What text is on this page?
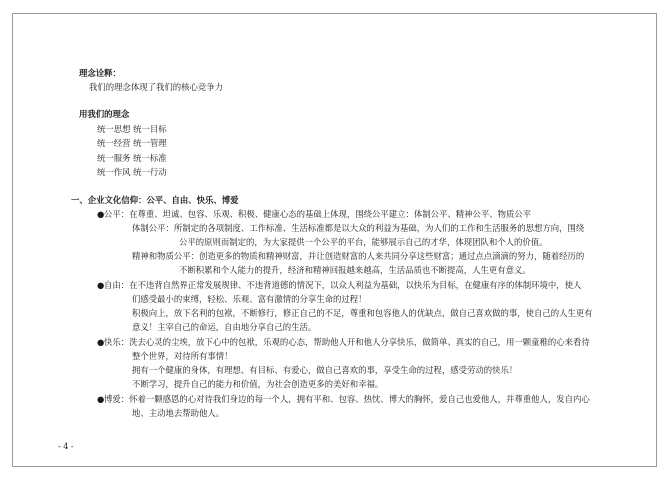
理念诠释：
我们的理念体现了我们的核心竞争力
用我们的理念
统一思想 统一目标
统一经营 统一管理
统一服务 统一标准
统一作风 统一行动
一、企业文化信仰：公平、自由、快乐、博爱
●公平：在尊重、坦诚、包容、乐观、积极、健康心态的基础上体现，围绕公平建立：体制公平、精神公平、物质公平
体制公平：所制定的各项制度、工作标准、生活标准都是以大众的利益为基础，为人们的工作和生活服务的思想方向，围绕
公平的原则而制定的，为大家提供一个公平的平台，能够展示自己的才华，体现团队和个人的价值。
精神和物质公平：创造更多的物质和精神财富，并让创造财富的人来共同分享这些财富；通过点点滴滴的努力，随着经历的
不断积累和个人能力的提升，经济和精神回报越来越高，生活品质也不断提高，人生更有意义。
●自由：在不违背自然界正常发展规律、不违背道德的情况下，以众人利益为基础，以快乐为目标，在健康有序的体制环境中，使人
们感受最小的束缚，轻松、乐观、富有激情的分享生命的过程！
积极向上，放下名利的包袱，不断修行，修正自己的不足，尊重和包容他人的优缺点，做自己喜欢做的事，使自己的人生更有
意义！主宰自己的命运，自由地分享自己的生活。
●快乐：洗去心灵的尘埃，放下心中的包袱，乐观的心态，帮助他人开和他人分享快乐，做简单、真实的自己，用一颗童稚的心来看待
整个世界，对待所有事情！
拥有一个健康的身体，有理想、有目标、有爱心，做自己喜欢的事，享受生命的过程，感受劳动的快乐！
不断学习，提升自己的能力和价值，为社会创造更多的美好和幸福。
●博爱：怀着一颗感恩的心对待我们身边的每一个人，拥有平和、包容、热忱、博大的胸怀，爱自己也爱他人，并尊重他人，发自内心
地、主动地去帮助他人。
- 4 -
